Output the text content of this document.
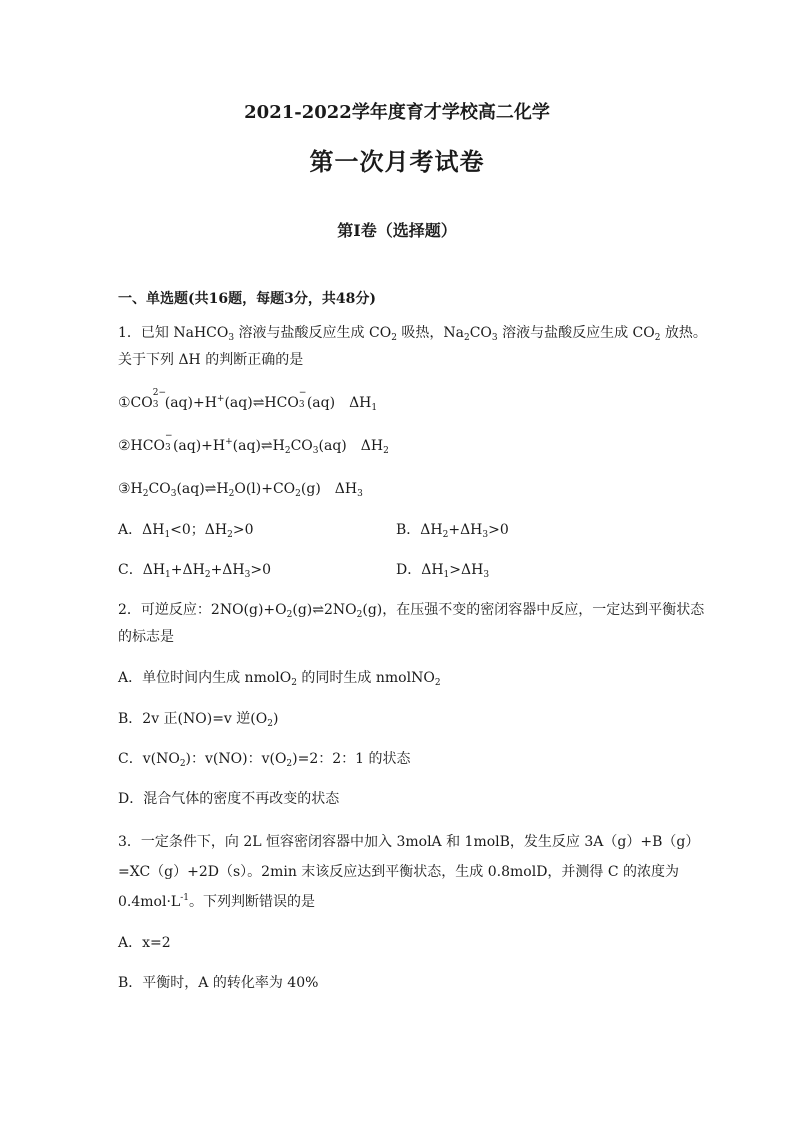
2021-2022学年度育才学校高二化学
第一次月考试卷
第I卷（选择题）
一、单选题(共16题，每题3分，共48分)
1．已知 NaHCO$_3$ 溶液与盐酸反应生成 $CO_2$ 吸热，$Na_2CO_3$ 溶液与盐酸反应生成 $CO_2$ 放热。
关于下列 ΔH 的判断正确的是
①CO
2−
3 (aq)+H+(aq)⇌HCO
−
3 (aq)　$\Delta H_1$
②HCO
−
3 $(aq)+H^+(aq)\rightleftharpoons H_2CO_3(aq)$　$\Delta H_2$
$③H_2CO_3(aq)\rightleftharpoons H_2O(l)+CO_2(g)$　$\Delta H_3$
A．$\Delta H_1<0$；$\Delta H_2>0$	B．$\Delta H_2+\Delta H_3>0$
C．$\Delta H_1+\Delta H_2+\Delta H_3>0$	D．$\Delta H_1>\Delta H_3$
2．可逆反应：$2NO(g)+O_2(g)\rightleftharpoons 2NO_2(g)$，在压强不变的密闭容器中反应，一定达到平衡状态
的标志是
A．单位时间内生成 nmolO$_2$ 的同时生成 nmolNO$_2$
B．2v 正(NO)=v 逆$(O_2)$
C．$v(NO_2)$：v(NO)：$v(O_2)=2$：2：1 的状态
D．混合气体的密度不再改变的状态
3．一定条件下，向 2L 恒容密闭容器中加入 3molA 和 1molB，发生反应 3A（g）+B（g）
=XC（g）+2D（s）。2min 末该反应达到平衡状态，生成 0.8molD，并测得 C 的浓度为
$0.4mol\cdot L^{-1}$。下列判断错误的是
A．x=2
B．平衡时，A 的转化率为 40%
